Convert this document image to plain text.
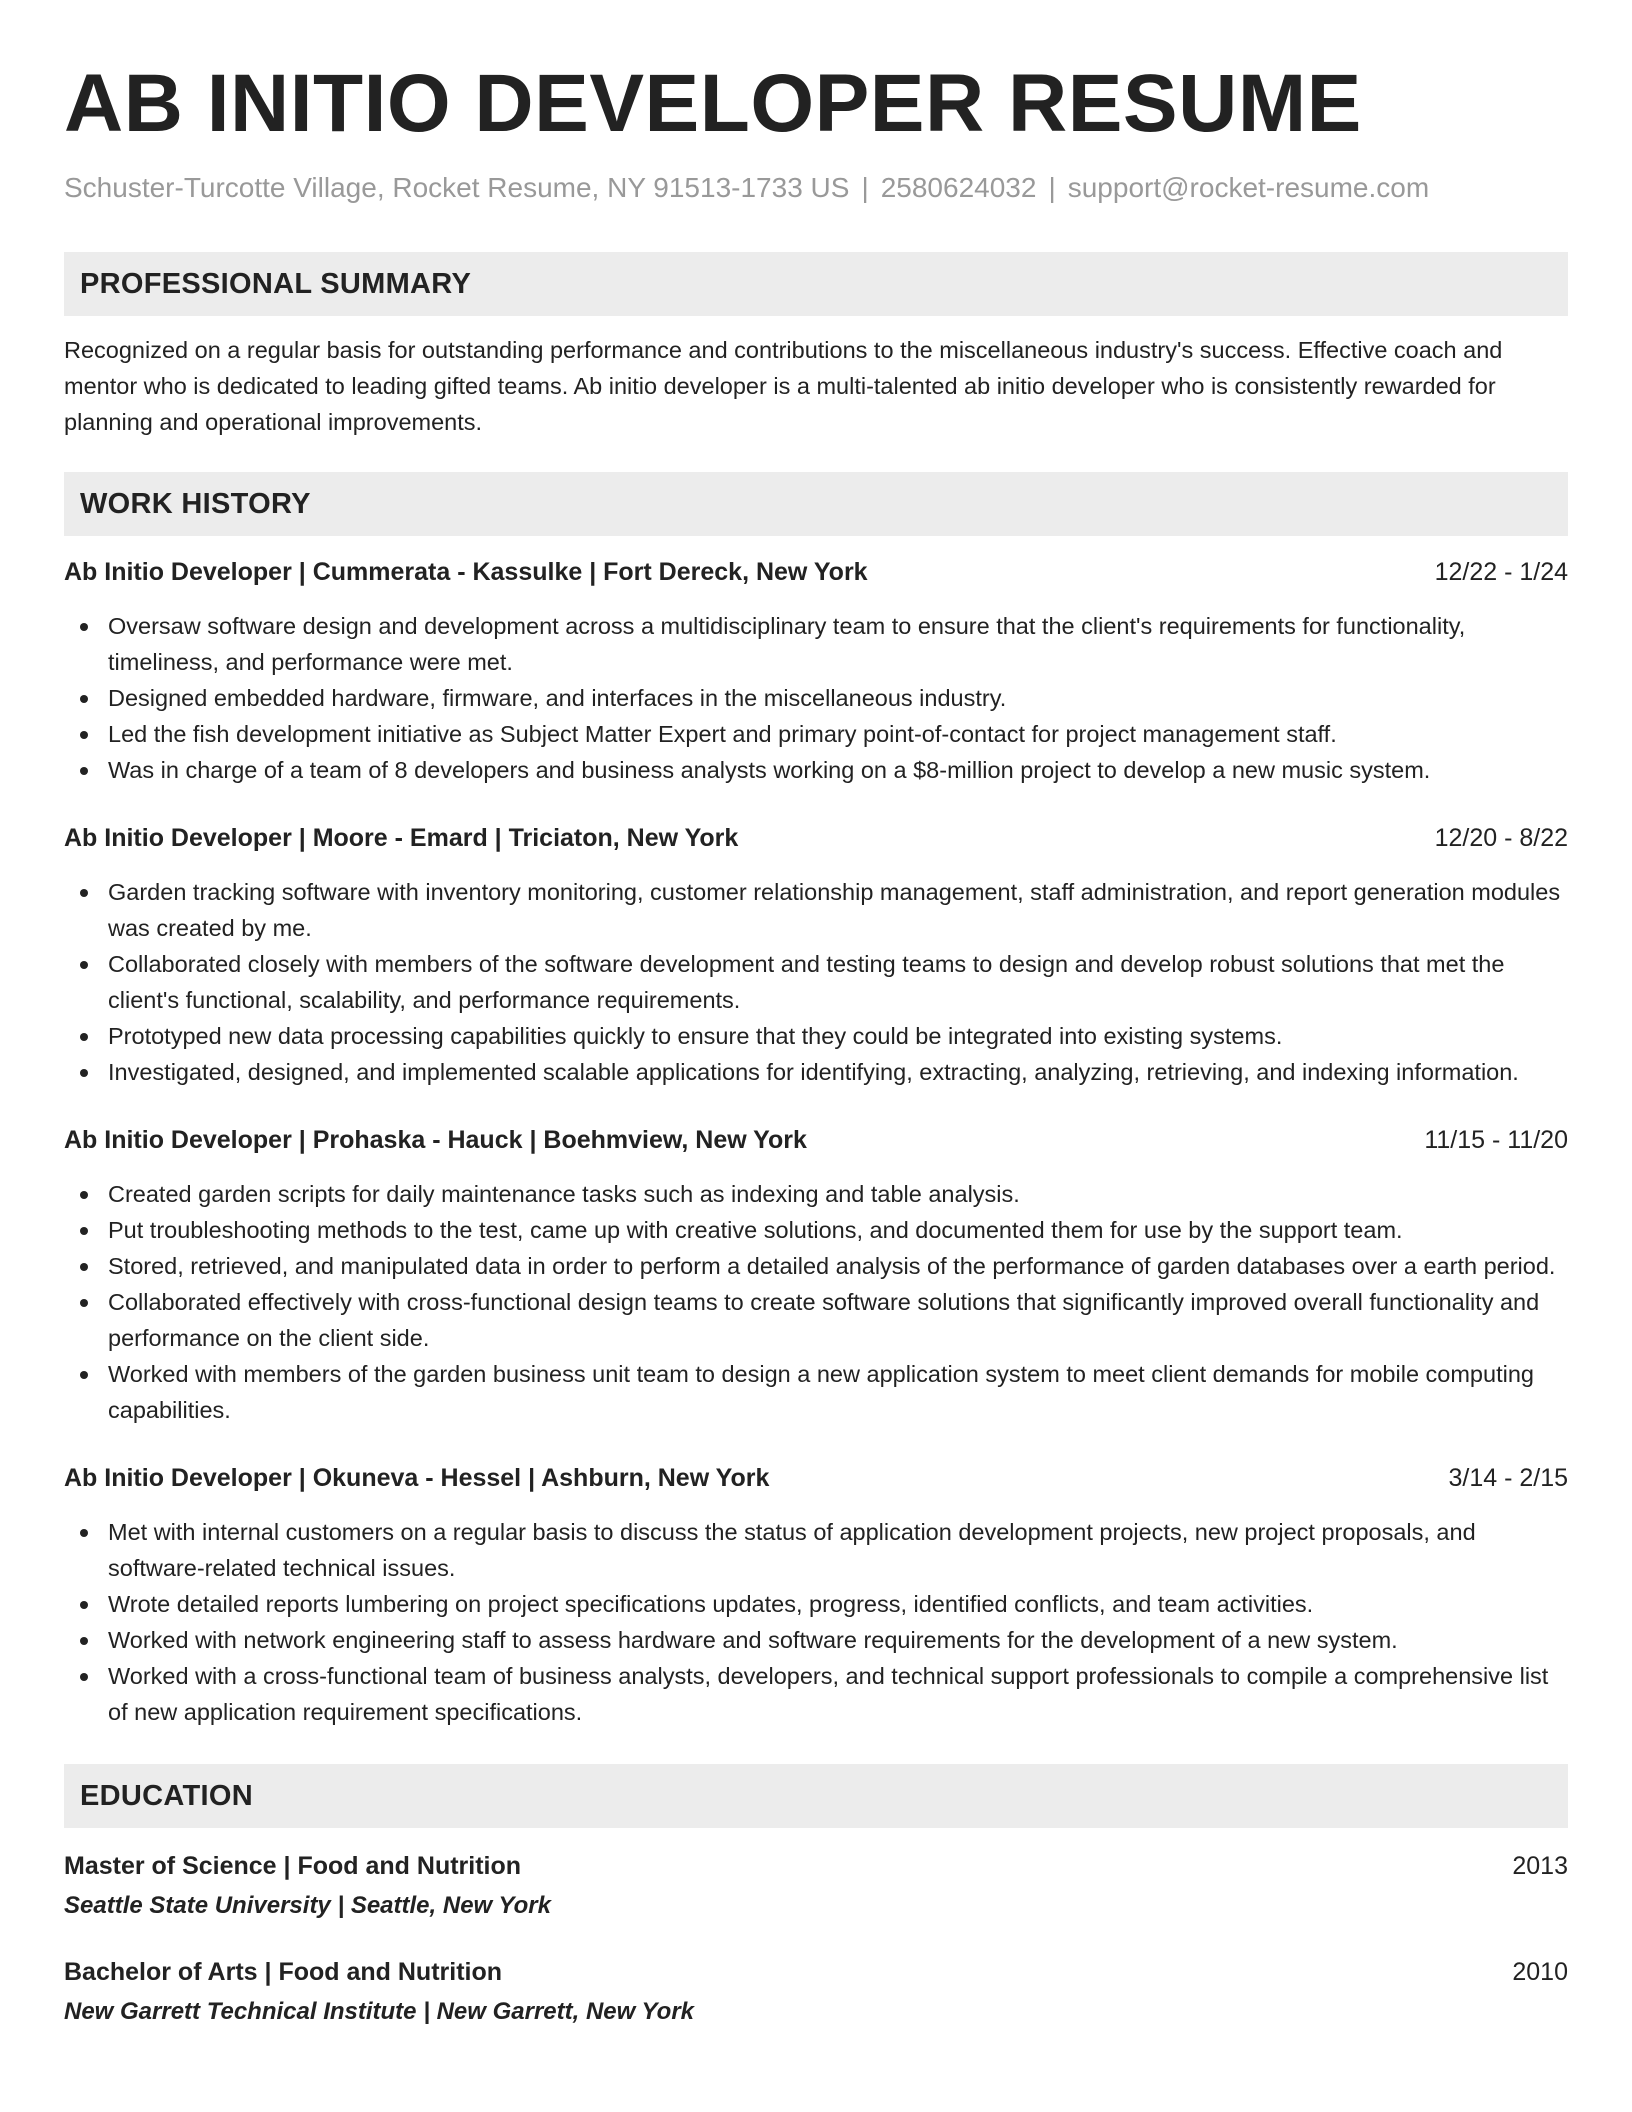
AB INITIO DEVELOPER RESUME
Schuster-Turcotte Village, Rocket Resume, NY 91513-1733 US | 2580624032 | support@rocket-resume.com
PROFESSIONAL SUMMARY

Recognized on a regular basis for outstanding performance and contributions to the miscellaneous industry's success. Effective coach and mentor who is dedicated to leading gifted teams. Ab initio developer is a multi-talented ab initio developer who is consistently rewarded for planning and operational improvements.

WORK HISTORY
Ab Initio Developer | Cummerata - Kassulke | Fort Dereck, New York	12/22 - 1/24
Oversaw software design and development across a multidisciplinary team to ensure that the client's requirements for functionality, timeliness, and performance were met.
Designed embedded hardware, firmware, and interfaces in the miscellaneous industry.
Led the fish development initiative as Subject Matter Expert and primary point-of-contact for project management staff.
Was in charge of a team of 8 developers and business analysts working on a $8-million project to develop a new music system.
Ab Initio Developer | Moore - Emard | Triciaton, New York	12/20 - 8/22
Garden tracking software with inventory monitoring, customer relationship management, staff administration, and report generation modules was created by me.
Collaborated closely with members of the software development and testing teams to design and develop robust solutions that met the client's functional, scalability, and performance requirements.
Prototyped new data processing capabilities quickly to ensure that they could be integrated into existing systems.
Investigated, designed, and implemented scalable applications for identifying, extracting, analyzing, retrieving, and indexing information.
Ab Initio Developer | Prohaska - Hauck | Boehmview, New York	11/15 - 11/20
Created garden scripts for daily maintenance tasks such as indexing and table analysis.
Put troubleshooting methods to the test, came up with creative solutions, and documented them for use by the support team.
Stored, retrieved, and manipulated data in order to perform a detailed analysis of the performance of garden databases over a earth period.
Collaborated effectively with cross-functional design teams to create software solutions that significantly improved overall functionality and performance on the client side.
Worked with members of the garden business unit team to design a new application system to meet client demands for mobile computing capabilities.
Ab Initio Developer | Okuneva - Hessel | Ashburn, New York	3/14 - 2/15
Met with internal customers on a regular basis to discuss the status of application development projects, new project proposals, and software-related technical issues.
Wrote detailed reports lumbering on project specifications updates, progress, identified conflicts, and team activities.
Worked with network engineering staff to assess hardware and software requirements for the development of a new system.
Worked with a cross-functional team of business analysts, developers, and technical support professionals to compile a comprehensive list of new application requirement specifications.
EDUCATION
Master of Science | Food and Nutrition	2013
Seattle State University | Seattle, New York
Bachelor of Arts | Food and Nutrition	2010
New Garrett Technical Institute | New Garrett, New York
